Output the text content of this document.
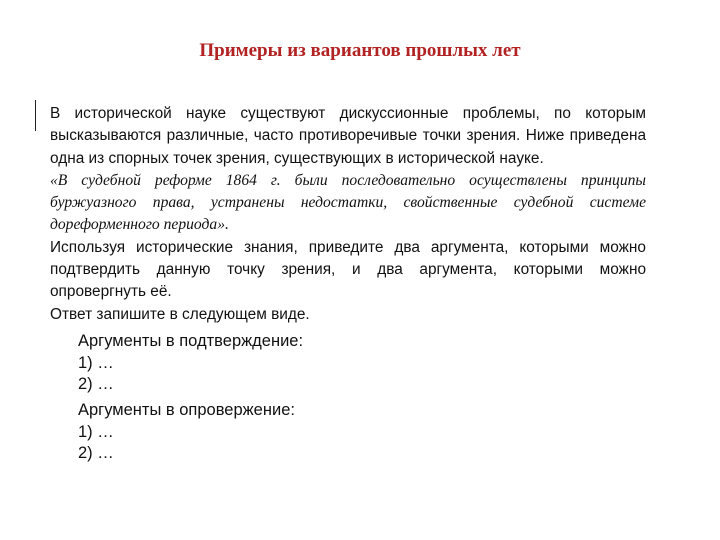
Примеры из вариантов прошлых лет

В исторической науке существуют дискуссионные проблемы, по которым высказываются различные, часто противоречивые точки зрения. Ниже приведена одна из спорных точек зрения, существующих в исторической науке.

«В судебной реформе 1864 г. были последовательно осуществлены принципы буржуазного права, устранены недостатки, свойственные судебной системе дореформенного периода».

Используя исторические знания, приведите два аргумента, которыми можно подтвердить данную точку зрения, и два аргумента, которыми можно опровергнуть её.

Ответ запишите в следующем виде.

Аргументы в подтверждение:
1) …
2) …
Аргументы в опровержение:
1) …
2) …
